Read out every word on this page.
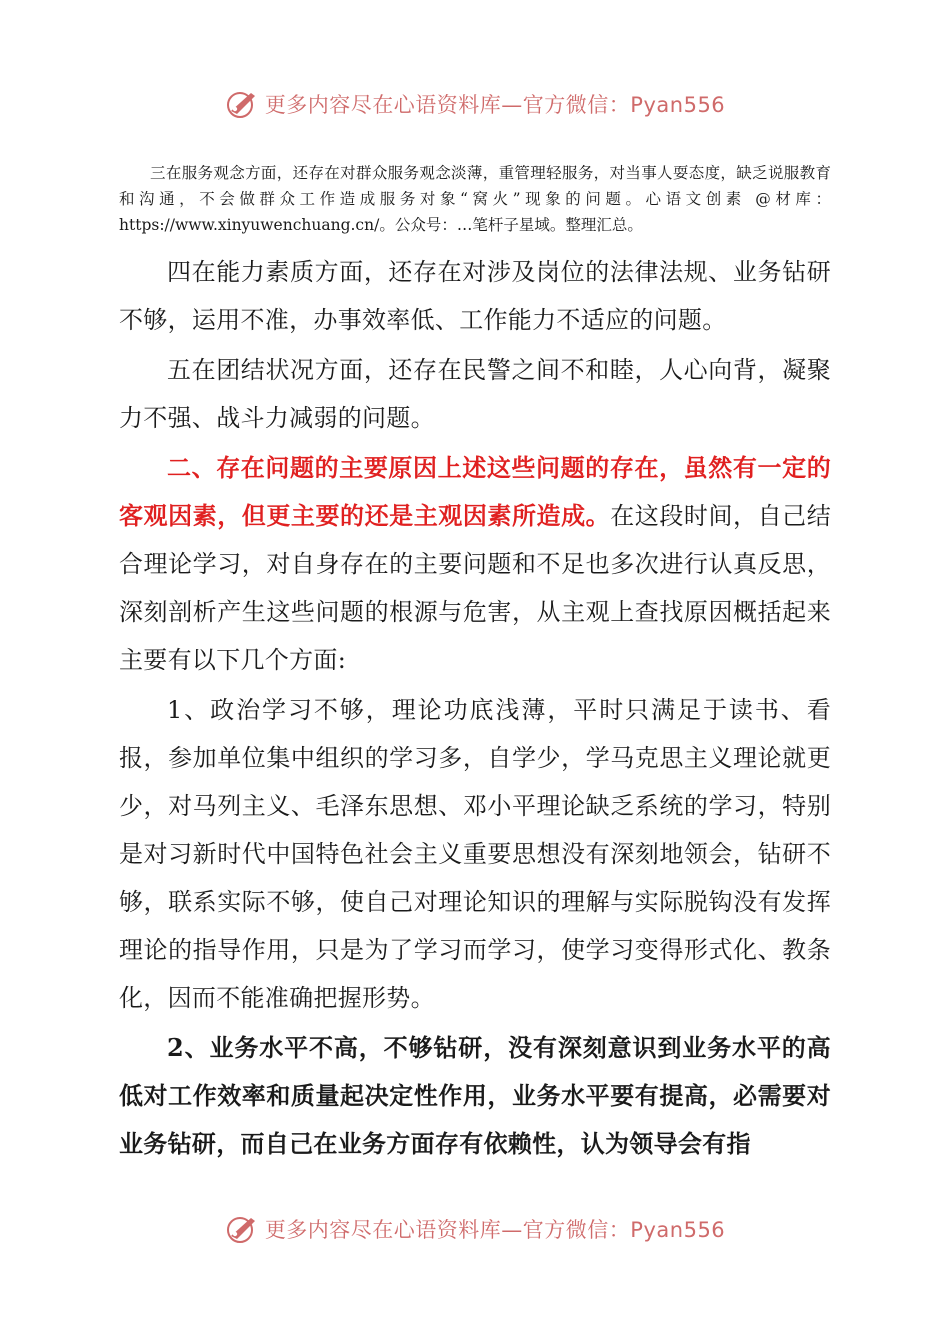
更多内容尽在心语资料库—官方微信：Pyan556

三在服务观念方面，还存在对群众服务观念淡薄，重管理轻服务，对当事人耍态度，缺乏说服教育和沟通，不会做群众工作造成服务对象“窝火”现象的问题。心语文创素 @材库：https://www.xinyuwenchuang.cn/。公众号：…笔杆子星域。整理汇总。

四在能力素质方面，还存在对涉及岗位的法律法规、业务钻研不够，运用不准，办事效率低、工作能力不适应的问题。

五在团结状况方面，还存在民警之间不和睦，人心向背，凝聚力不强、战斗力减弱的问题。

二、存在问题的主要原因上述这些问题的存在，虽然有一定的客观因素，但更主要的还是主观因素所造成。在这段时间，自己结合理论学习，对自身存在的主要问题和不足也多次进行认真反思，深刻剖析产生这些问题的根源与危害，从主观上查找原因概括起来主要有以下几个方面:

1、政治学习不够，理论功底浅薄，平时只满足于读书、看报，参加单位集中组织的学习多，自学少，学马克思主义理论就更少，对马列主义、毛泽东思想、邓小平理论缺乏系统的学习，特别是对习新时代中国特色社会主义重要思想没有深刻地领会，钻研不够，联系实际不够，使自己对理论知识的理解与实际脱钩没有发挥理论的指导作用，只是为了学习而学习，使学习变得形式化、教条化，因而不能准确把握形势。

2、业务水平不高，不够钻研，没有深刻意识到业务水平的高低对工作效率和质量起决定性作用，业务水平要有提高，必需要对业务钻研，而自己在业务方面存有依赖性，认为领导会有指

更多内容尽在心语资料库—官方微信：Pyan556
